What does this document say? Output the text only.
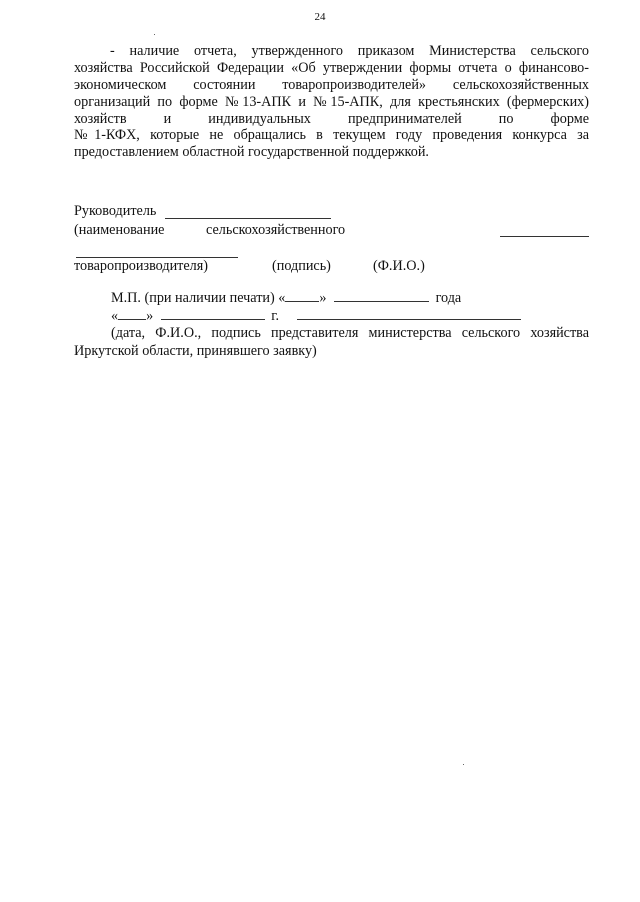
24
- наличие отчета, утвержденного приказом Министерства сельского
хозяйства Российской Федерации «Об утверждении формы отчета о финансово-
экономическом состоянии товаропроизводителей» сельскохозяйственных
организаций по форме №13-АПК и №15-АПК, для крестьянских (фермерских)
хозяйств и индивидуальных предпринимателей по форме
№1-КФХ, которые не обращались в текущем году проведения конкурса за
предоставлением областной государственной поддержкой.
Руководитель
(наименование	сельскохозяйственного
товаропроизводителя)	(подпись)	(Ф.И.О.)
М.П. (при наличии печати) « »	года
« »	г.
(дата, Ф.И.О., подпись представителя министерства сельского хозяйства
Иркутской области, принявшего заявку)
